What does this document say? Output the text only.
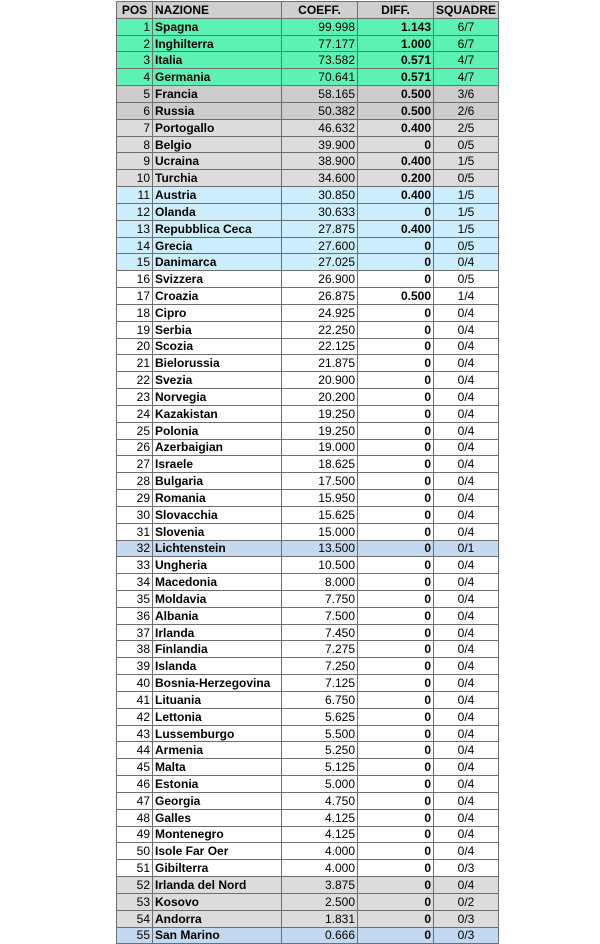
POS	NAZIONE	COEFF.	DIFF.	SQUADRE
1	Spagna	99.998	1.143	6/7
2	Inghilterra	77.177	1.000	6/7
3	Italia	73.582	0.571	4/7
4	Germania	70.641	0.571	4/7
5	Francia	58.165	0.500	3/6
6	Russia	50.382	0.500	2/6
7	Portogallo	46.632	0.400	2/5
8	Belgio	39.900	0	0/5
9	Ucraina	38.900	0.400	1/5
10	Turchia	34.600	0.200	0/5
11	Austria	30.850	0.400	1/5
12	Olanda	30.633	0	1/5
13	Repubblica Ceca	27.875	0.400	1/5
14	Grecia	27.600	0	0/5
15	Danimarca	27.025	0	0/4
16	Svizzera	26.900	0	0/5
17	Croazia	26.875	0.500	1/4
18	Cipro	24.925	0	0/4
19	Serbia	22.250	0	0/4
20	Scozia	22.125	0	0/4
21	Bielorussia	21.875	0	0/4
22	Svezia	20.900	0	0/4
23	Norvegia	20.200	0	0/4
24	Kazakistan	19.250	0	0/4
25	Polonia	19.250	0	0/4
26	Azerbaigian	19.000	0	0/4
27	Israele	18.625	0	0/4
28	Bulgaria	17.500	0	0/4
29	Romania	15.950	0	0/4
30	Slovacchia	15.625	0	0/4
31	Slovenia	15.000	0	0/4
32	Lichtenstein	13.500	0	0/1
33	Ungheria	10.500	0	0/4
34	Macedonia	8.000	0	0/4
35	Moldavia	7.750	0	0/4
36	Albania	7.500	0	0/4
37	Irlanda	7.450	0	0/4
38	Finlandia	7.275	0	0/4
39	Islanda	7.250	0	0/4
40	Bosnia-Herzegovina	7.125	0	0/4
41	Lituania	6.750	0	0/4
42	Lettonia	5.625	0	0/4
43	Lussemburgo	5.500	0	0/4
44	Armenia	5.250	0	0/4
45	Malta	5.125	0	0/4
46	Estonia	5.000	0	0/4
47	Georgia	4.750	0	0/4
48	Galles	4.125	0	0/4
49	Montenegro	4.125	0	0/4
50	Isole Far Oer	4.000	0	0/4
51	Gibilterra	4.000	0	0/3
52	Irlanda del Nord	3.875	0	0/4
53	Kosovo	2.500	0	0/2
54	Andorra	1.831	0	0/3
55	San Marino	0.666	0	0/3
